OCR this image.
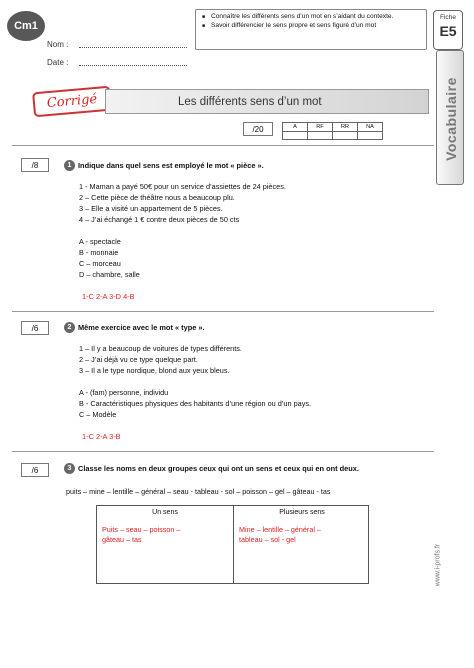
Cm1
Nom :
Date :
■ Connaître les différents sens d’un mot en s’aidant du contexte.
■ Savoir différencier le sens propre et sens figuré d’un mot
Fiche
E5
Vocabulaire
Corrigé	Les différents sens d’un mot
/20	A	RF	RR	NA

/8	1 Indique dans quel sens est employé le mot « pièce ».
1 - Maman a payé 50€ pour un service d’assiettes de 24 pièces.
2 – Cette pièce de théâtre nous a beaucoup plu.
3 – Elle a visité un appartement de 5 pièces.
4 – J’ai échangé 1 € contre deux pièces de 50 cts
A - spectacle
B - monnaie
C – morceau
D – chambre, salle
1-C 2-A 3-D 4-B
/6	2 Même exercice avec le mot « type ».
1 – Il y a beaucoup de voitures de types différents.
2 – J’ai déjà vu ce type quelque part.
3 – Il a le type nordique, blond aux yeux bleus.
A - (fam) personne, individu
B - Caractéristiques physiques des habitants d’une région ou d’un pays.
C – Modèle
1-C 2-A 3-B
/6	3 Classe les noms en deux groupes ceux qui ont un sens et ceux qui en ont deux.
puits – mine – lentille – général – seau - tableau - sol – poisson – gel – gâteau - tas
Un sens
Puits – seau – poisson –
gâteau – tas
Plusieurs sens
Mine – lentille – général –
tableau – sol - gel
www.i-profs.fr
